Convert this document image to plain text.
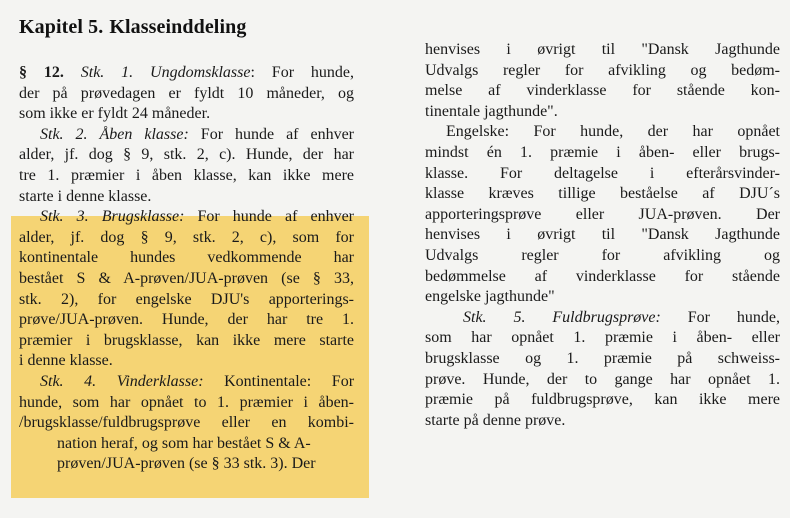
Kapitel 5. Klasseinddeling
§ 12. Stk. 1. Ungdomsklasse: For hunde,
der på prøvedagen er fyldt 10 måneder, og
som ikke er fyldt 24 måneder.
Stk. 2. Åben klasse: For hunde af enhver
alder, jf. dog § 9, stk. 2, c). Hunde, der har
tre 1. præmier i åben klasse, kan ikke mere
starte i denne klasse.
Stk. 3. Brugsklasse: For hunde af enhver
alder, jf. dog § 9, stk. 2, c), som for
kontinentale hundes vedkommende har
bestået S & A-prøven/JUA-prøven (se § 33,
stk. 2), for engelske DJU's apporterings-
prøve/JUA-prøven. Hunde, der har tre 1.
præmier i brugsklasse, kan ikke mere starte
i denne klasse.
Stk. 4. Vinderklasse: Kontinentale: For
hunde, som har opnået to 1. præmier i åben-
/brugsklasse/fuldbrugsprøve eller en kombi-
nation heraf, og som har bestået S & A-
prøven/JUA-prøven (se § 33 stk. 3). Der
henvises i øvrigt til "Dansk Jagthunde
Udvalgs regler for afvikling og bedøm-
melse af vinderklasse for stående kon-
tinentale jagthunde".
Engelske: For hunde, der har opnået
mindst én 1. præmie i åben- eller brugs-
klasse. For deltagelse i efterårsvinder-
klasse kræves tillige beståelse af DJU´s
apporteringsprøve eller JUA-prøven. Der
henvises i øvrigt til "Dansk Jagthunde
Udvalgs regler for afvikling og
bedømmelse af vinderklasse for stående
engelske jagthunde"
Stk. 5. Fuldbrugsprøve: For hunde,
som har opnået 1. præmie i åben- eller
brugsklasse og 1. præmie på schweiss-
prøve. Hunde, der to gange har opnået 1.
præmie på fuldbrugsprøve, kan ikke mere
starte på denne prøve.
